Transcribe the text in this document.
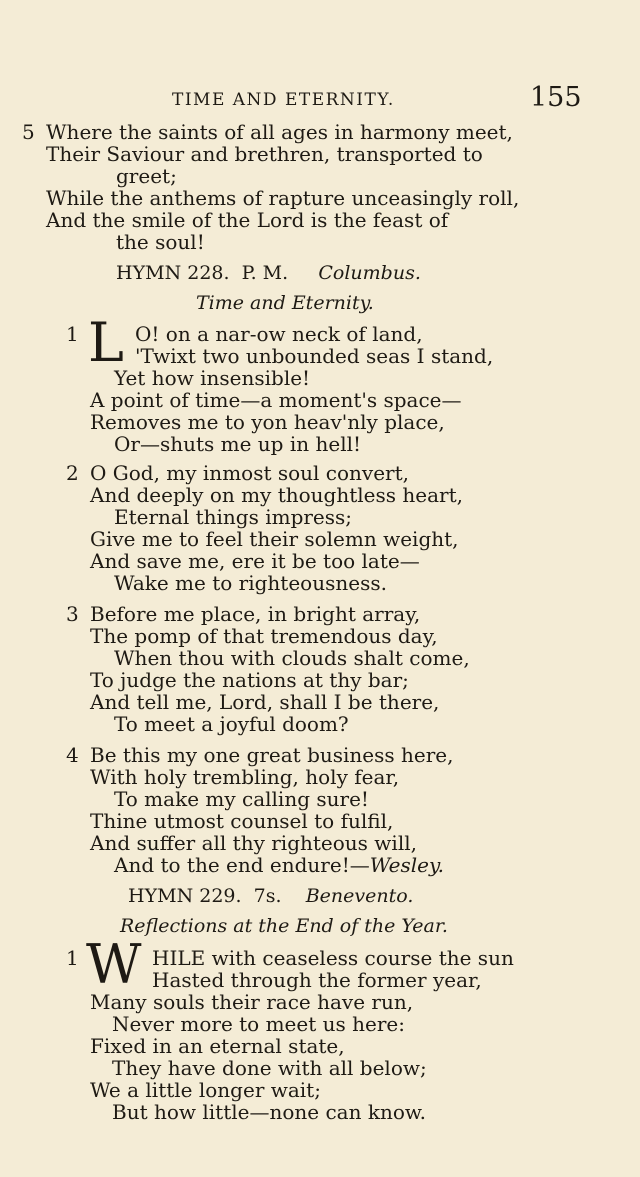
TIME AND ETERNITY.	155
5 Where the saints of all ages in harmony meet,
Their Saviour and brethren, transported to
greet;
While the anthems of rapture unceasingly roll,
And the smile of the Lord is the feast of
the soul!
HYMN 228. P. M. Columbus.
Time and Eternity.
1 L O! on a nar-ow neck of land,
'Twixt two unbounded seas I stand,
Yet how insensible!
A point of time—a moment's space—
Removes me to yon heav'nly place,
Or—shuts me up in hell!
2 O God, my inmost soul convert,
And deeply on my thoughtless heart,
Eternal things impress;
Give me to feel their solemn weight,
And save me, ere it be too late—
Wake me to righteousness.
3 Before me place, in bright array,
The pomp of that tremendous day,
When thou with clouds shalt come,
To judge the nations at thy bar;
And tell me, Lord, shall I be there,
To meet a joyful doom?
4 Be this my one great business here,
With holy trembling, holy fear,
To make my calling sure!
Thine utmost counsel to fulfil,
And suffer all thy righteous will,
And to the end endure!—Wesley.
HYMN 229. 7s. Benevento.
Reflections at the End of the Year.
1 W HILE with ceaseless course the sun
Hasted through the former year,
Many souls their race have run,
Never more to meet us here:
Fixed in an eternal state,
They have done with all below;
We a little longer wait;
But how little—none can know.
